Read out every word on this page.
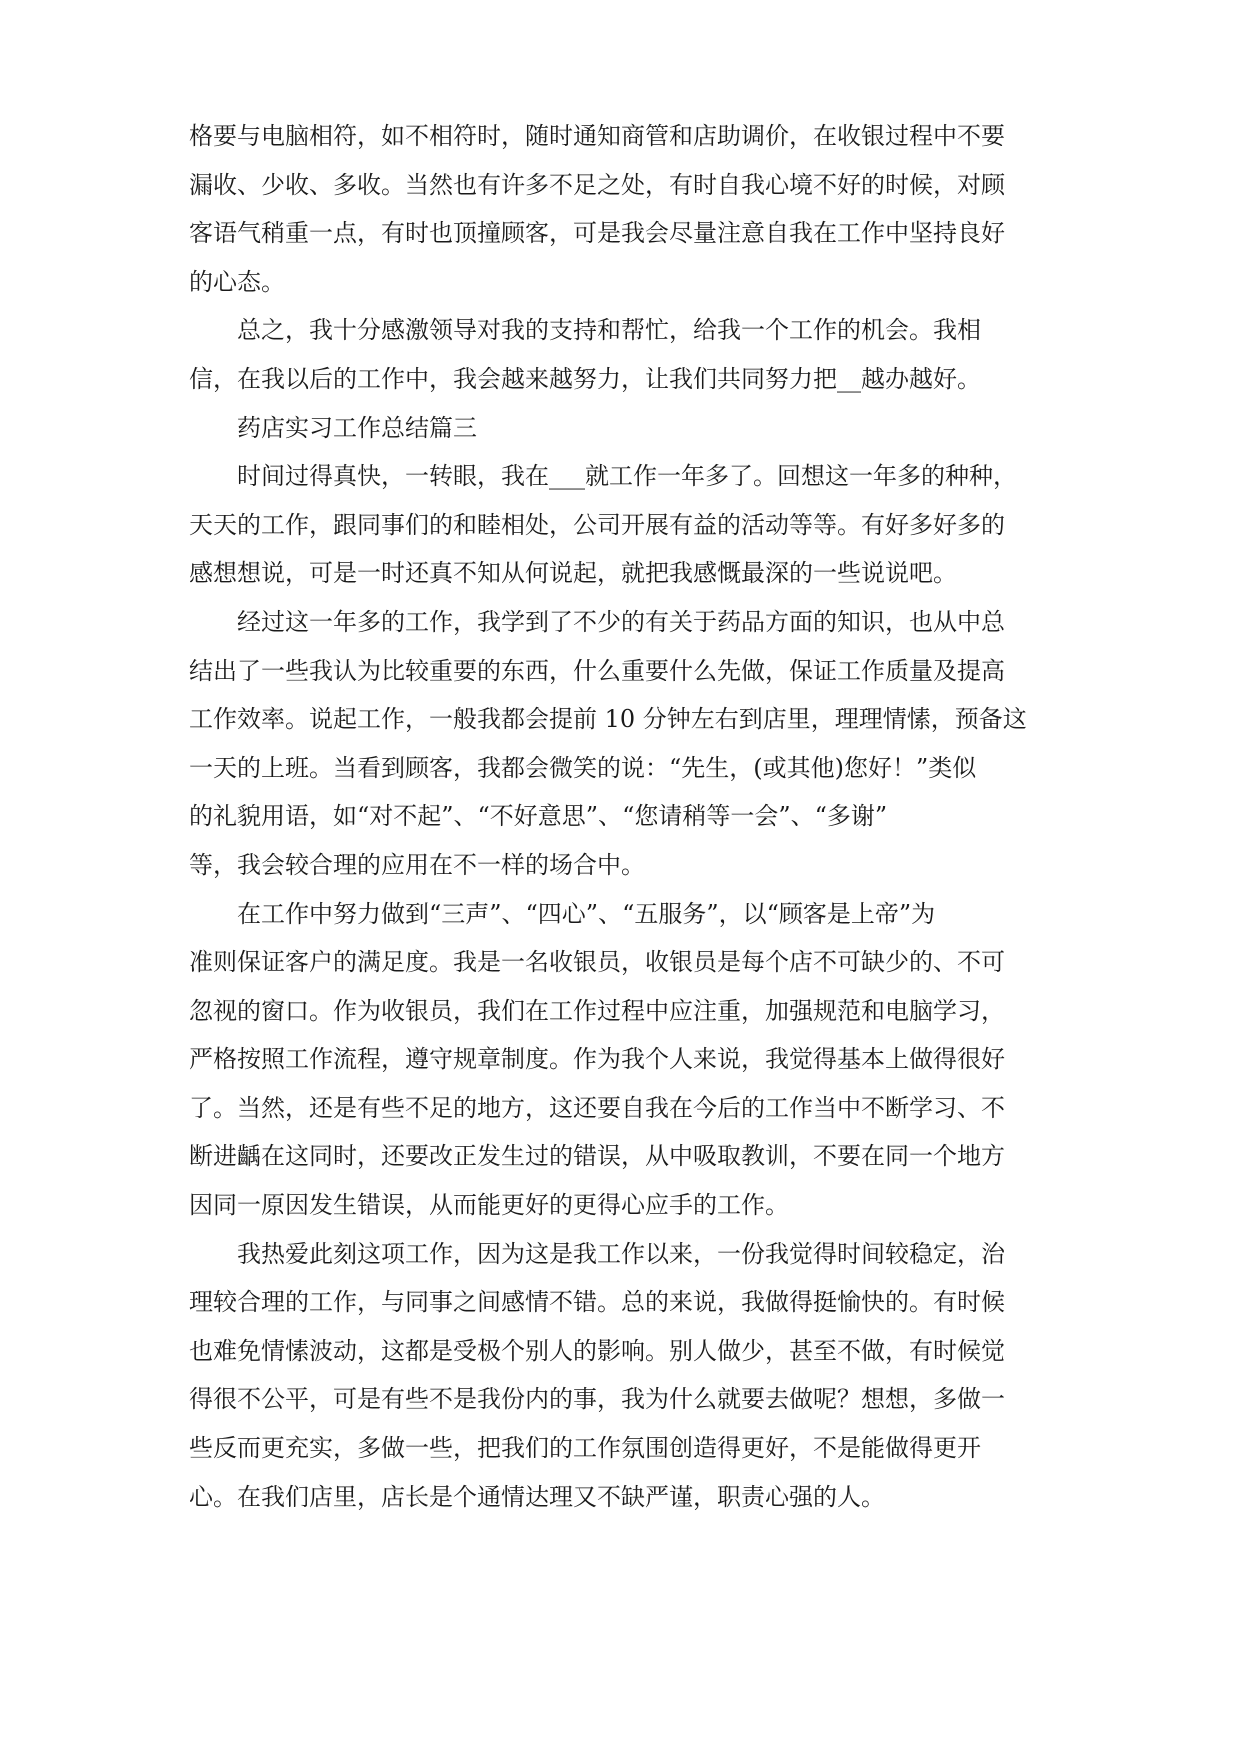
格要与电脑相符，如不相符时，随时通知商管和店助调价，在收银过程中不要
漏收、少收、多收。当然也有许多不足之处，有时自我心境不好的时候，对顾
客语气稍重一点，有时也顶撞顾客，可是我会尽量注意自我在工作中坚持良好
的心态。
总之，我十分感激领导对我的支持和帮忙，给我一个工作的机会。我相
信，在我以后的工作中，我会越来越努力，让我们共同努力把__越办越好。
药店实习工作总结篇三
时间过得真快，一转眼，我在___就工作一年多了。回想这一年多的种种，
天天的工作，跟同事们的和睦相处，公司开展有益的活动等等。有好多好多的
感想想说，可是一时还真不知从何说起，就把我感慨最深的一些说说吧。
经过这一年多的工作，我学到了不少的有关于药品方面的知识，也从中总
结出了一些我认为比较重要的东西，什么重要什么先做，保证工作质量及提高
工作效率。说起工作，一般我都会提前 10 分钟左右到店里，理理情愫，预备这
一天的上班。当看到顾客，我都会微笑的说：“先生，(或其他)您好！”类似
的礼貌用语，如“对不起”、“不好意思”、“您请稍等一会”、“多谢”
等，我会较合理的应用在不一样的场合中。
在工作中努力做到“三声”、“四心”、“五服务”，以“顾客是上帝”为
准则保证客户的满足度。我是一名收银员，收银员是每个店不可缺少的、不可
忽视的窗口。作为收银员，我们在工作过程中应注重，加强规范和电脑学习，
严格按照工作流程，遵守规章制度。作为我个人来说，我觉得基本上做得很好
了。当然，还是有些不足的地方，这还要自我在今后的工作当中不断学习、不
断进齲在这同时，还要改正发生过的错误，从中吸取教训，不要在同一个地方
因同一原因发生错误，从而能更好的更得心应手的工作。
我热爱此刻这项工作，因为这是我工作以来，一份我觉得时间较稳定，治
理较合理的工作，与同事之间感情不错。总的来说，我做得挺愉快的。有时候
也难免情愫波动，这都是受极个别人的影响。别人做少，甚至不做，有时候觉
得很不公平，可是有些不是我份内的事，我为什么就要去做呢？想想，多做一
些反而更充实，多做一些，把我们的工作氛围创造得更好，不是能做得更开
心。在我们店里，店长是个通情达理又不缺严谨，职责心强的人。
